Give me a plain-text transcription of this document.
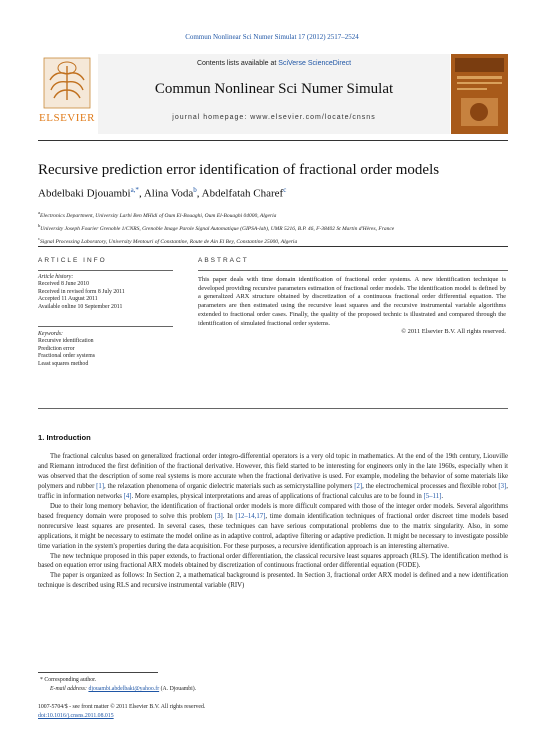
Commun Nonlinear Sci Numer Simulat 17 (2012) 2517–2524
ELSEVIER
Contents lists available at SciVerse ScienceDirect
Commun Nonlinear Sci Numer Simulat
journal homepage: www.elsevier.com/locate/cnsns
Recursive prediction error identification of fractional order models
Abdelbaki Djouambi$^{a,*}$, Alina Voda$^b$, Abdelfatah Charef$^c$
$^a$Electronics Department, University Larbi Ben MHidi of Oum El-Bouaghi, Oum El-Bouaghi 04000, Algeria
$^b$University Joseph Fourier Grenoble 1/CNRS, Grenoble Image Parole Signal Automatique (GIPSA-lab), UMR 5216, B.P. 46, F-38402 St Martin d'Hères, France
$^c$Signal Processing Laboratory, University Mentouri of Constantine, Route de Ain El Bey, Constantine 25000, Algeria
ARTICLE INFO
Article history:
Received 8 June 2010
Received in revised form 8 July 2011
Accepted 11 August 2011
Available online 10 September 2011
Keywords:
Recursive identification
Prediction error
Fractional order systems
Least squares method
ABSTRACT
This paper deals with time domain identification of fractional order systems. A new identification technique is developed providing recursive parameters estimation of fractional order models. The identification model is defined by a generalized ARX structure obtained by discretization of a continuous fractional order differential equation. The parameters are then estimated using the recursive least squares and the recursive instrumental variable algorithms extended to fractional order cases. Finally, the quality of the proposed technic is illustrated and compared through the identification of simulated fractional order systems.
© 2011 Elsevier B.V. All rights reserved.
1. Introduction

The fractional calculus based on generalized fractional order integro-differential operators is a very old topic in mathematics. At the end of the 19th century, Liouville and Riemann introduced the first definition of the fractional derivative. However, this field started to be interesting for engineers only in the late 1960s, especially when it was observed that the description of some real systems is more accurate when the fractional derivative is used. For example, modeling the behavior of some materials like polymers and rubber [1], the relaxation phenomena of organic dielectric materials such as semicrystalline polymers [2], the electrochemical processes and flexible robot [3], traffic in information networks [4]. More examples, physical interpretations and areas of applications of fractional calculus are to be found in [5–11].

Due to their long memory behavior, the identification of fractional order models is more difficult compared with those of the integer order models. Several algorithms based frequency domain were proposed to solve this problem [3]. In [12–14,17], time domain identification techniques of fractional order discreet time models based nonrecursive least squares are presented. In several cases, these techniques can have serious computational problems due to the matrix singularity. Also, in some applications, it might be necessary to estimate the model online as in adaptive control, adaptive filtering or adaptive prediction. It might be necessary to investigate possible time variation in the system's properties during the data acquisition. For these purposes, a recursive identification approach is an interesting alternative.

The new technique proposed in this paper extends, to fractional order differentiation, the classical recursive least squares approach (RLS). The identification method is based on equation error using fractional ARX models obtained by discretization of continuous fractional order differential equation (FODE).

The paper is organized as follows: In Section 2, a mathematical background is presented. In Section 3, fractional order ARX model is defined and a new identification technique is described using RLS and recursive instrumental variable (RIV)

* Corresponding author.
E-mail address: djouambi.abdelbaki@yahoo.fr (A. Djouambi).
1007-5704/$ - see front matter © 2011 Elsevier B.V. All rights reserved.
doi:10.1016/j.cnsns.2011.08.015
